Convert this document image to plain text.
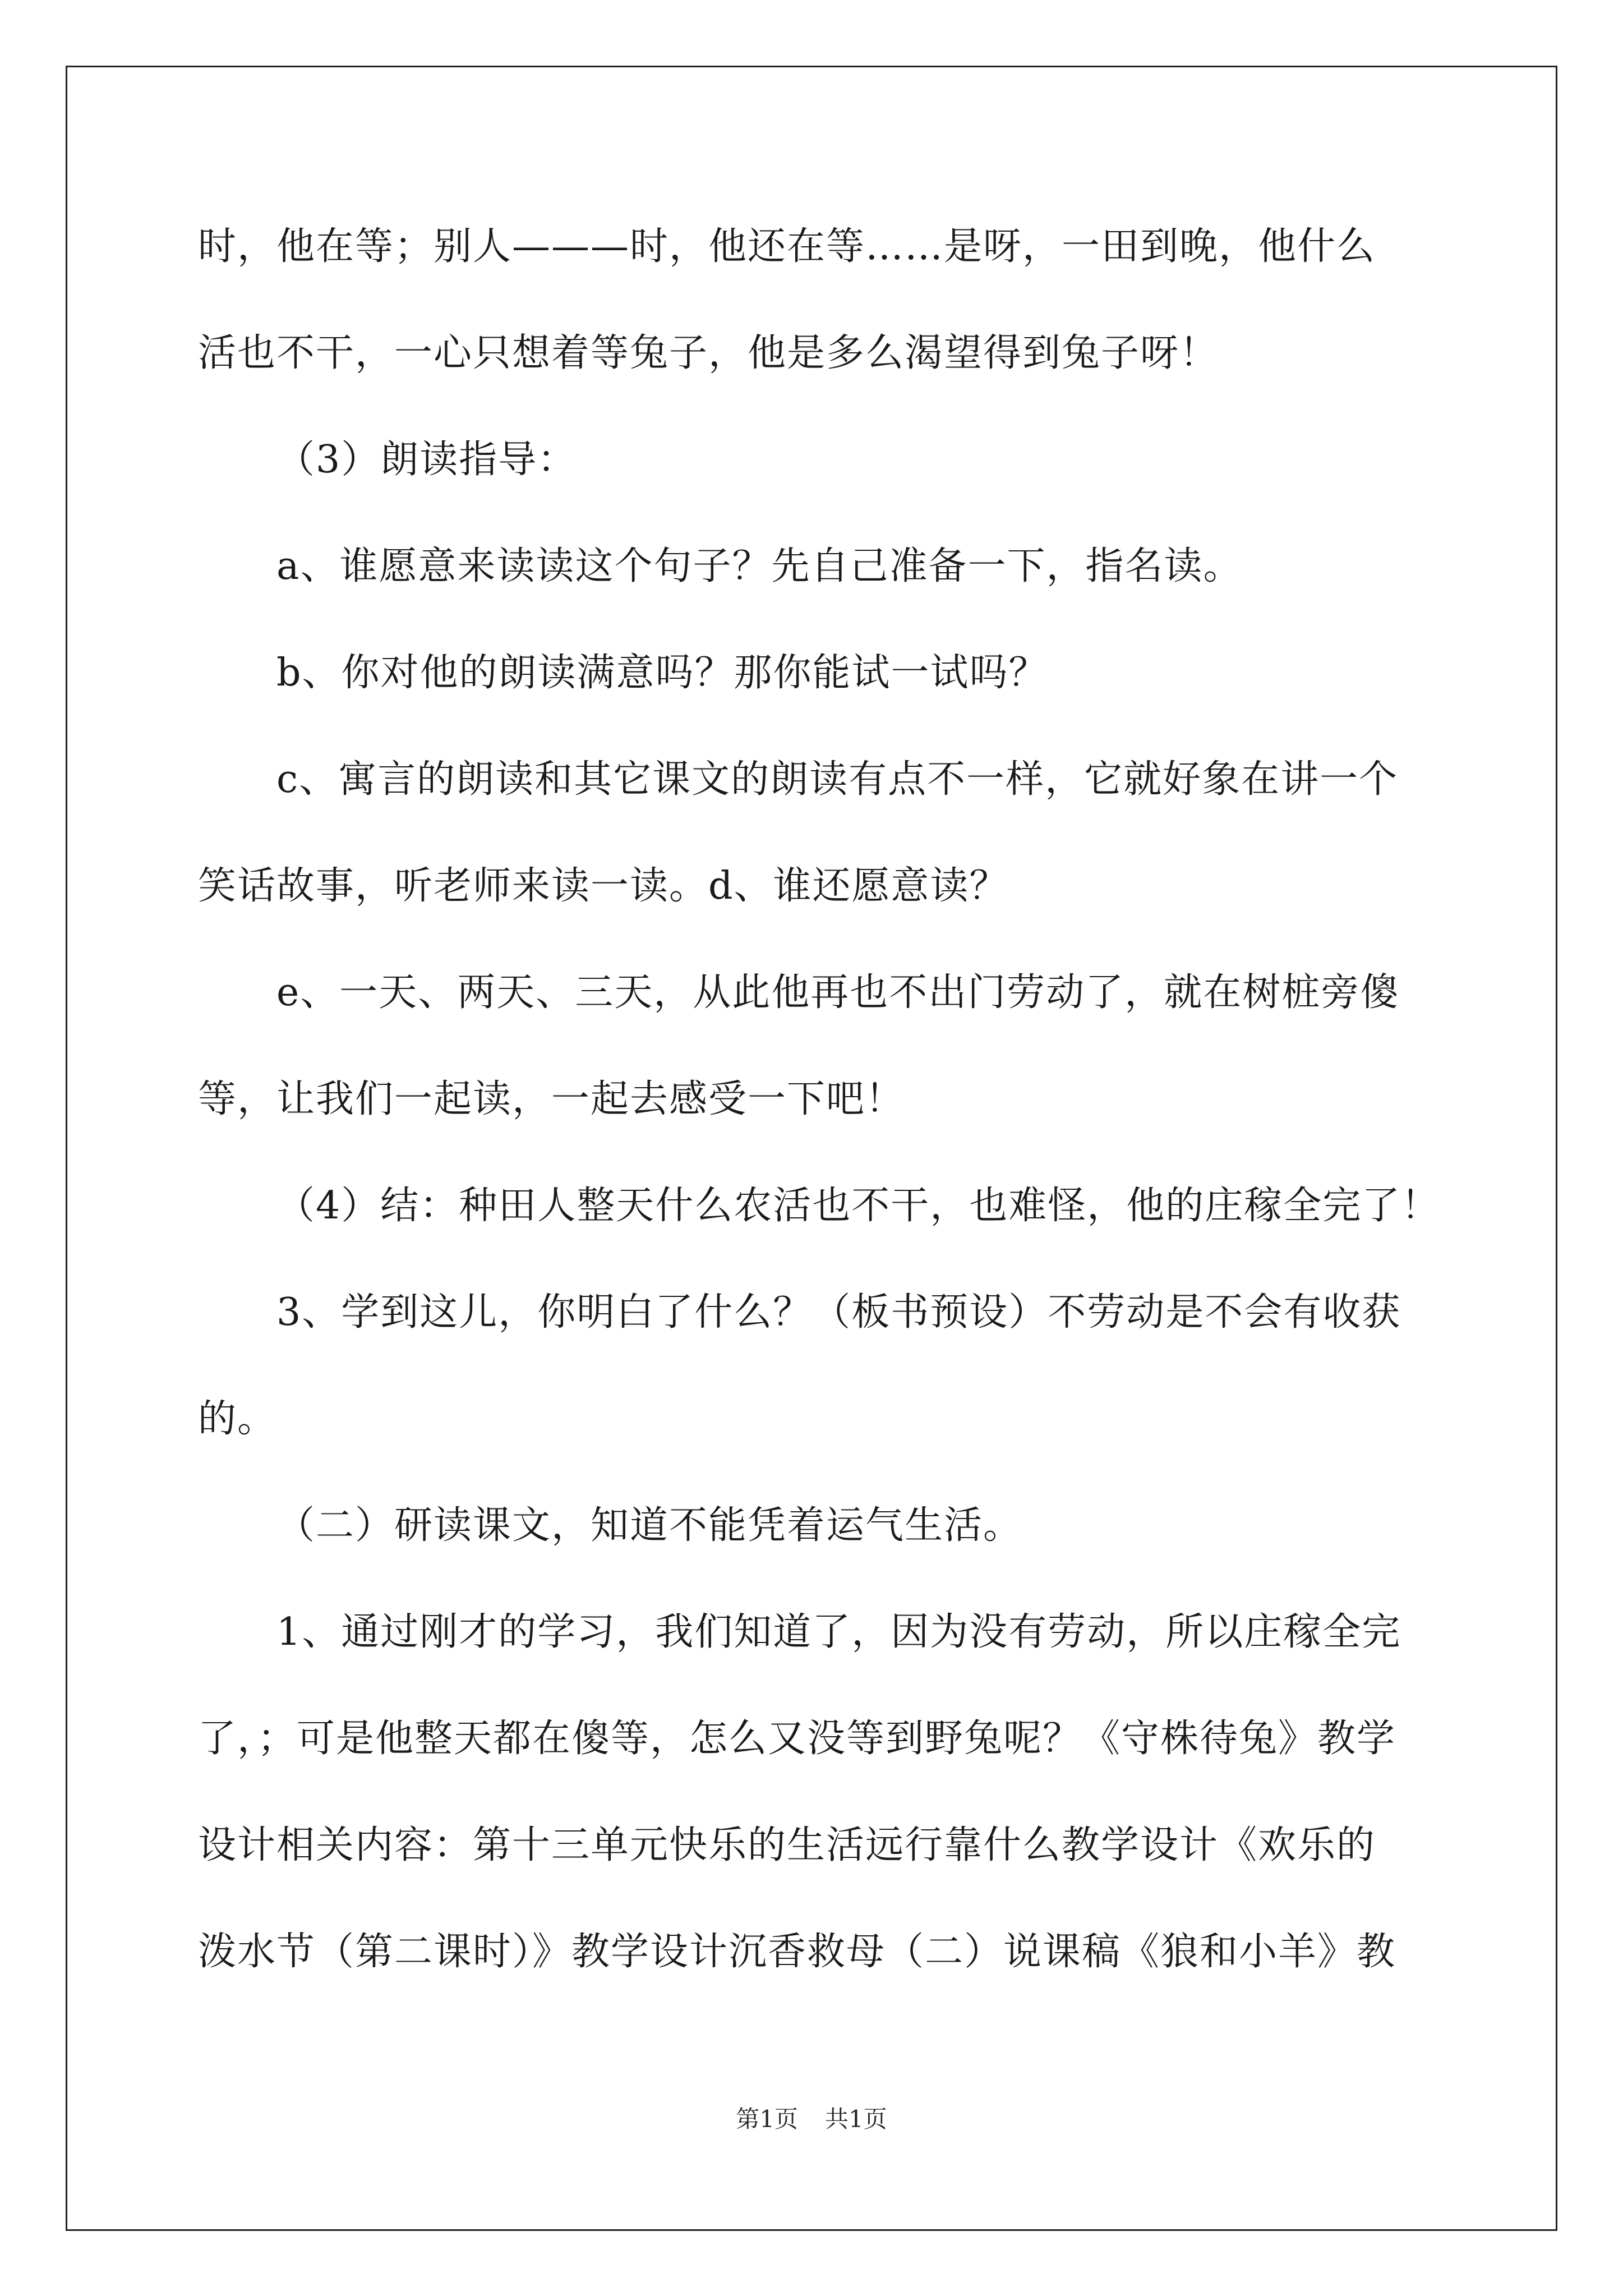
时，他在等；别人———时，他还在等……是呀，一田到晚，他什么
活也不干，一心只想着等兔子，他是多么渴望得到兔子呀！
（3）朗读指导：
a、谁愿意来读读这个句子？先自己准备一下，指名读。
b、你对他的朗读满意吗？那你能试一试吗？
c、寓言的朗读和其它课文的朗读有点不一样，它就好象在讲一个
笑话故事，听老师来读一读。d、谁还愿意读？
e、一天、两天、三天，从此他再也不出门劳动了，就在树桩旁傻
等，让我们一起读，一起去感受一下吧！
（4）结：种田人整天什么农活也不干，也难怪，他的庄稼全完了！
3、学到这儿，你明白了什么？（板书预设）不劳动是不会有收获
的。
（二）研读课文，知道不能凭着运气生活。
1、通过刚才的学习，我们知道了，因为没有劳动，所以庄稼全完
了，；可是他整天都在傻等，怎么又没等到野兔呢？《守株待兔》教学
设计相关内容：第十三单元快乐的生活远行靠什么教学设计《欢乐的
泼水节（第二课时）》教学设计沉香救母（二）说课稿《狼和小羊》教
第1页 共1页
